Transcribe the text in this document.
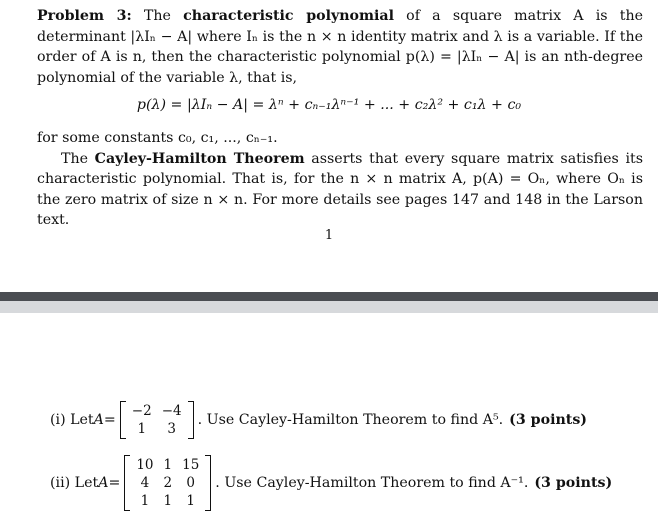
Problem 3: The characteristic polynomial of a square matrix A is the determinant |λIₙ − A| where Iₙ is the n × n identity matrix and λ is a variable. If the order of A is n, then the characteristic polynomial p(λ) = |λIₙ − A| is an nth-degree polynomial of the variable λ, that is,
p(λ) = |λIₙ − A| = λⁿ + cₙ₋₁λⁿ⁻¹ + ... + c₂λ² + c₁λ + c₀
for some constants c₀, c₁, ..., cₙ₋₁.
The Cayley-Hamilton Theorem asserts that every square matrix satisfies its characteristic polynomial. That is, for the n × n matrix A, p(A) = Oₙ, where Oₙ is the zero matrix of size n × n. For more details see pages 147 and 148 in the Larson text.
1
(i) Let A =
−2 −4
1	3
. Use Cayley-Hamilton Theorem to find A⁵. (3 points)
(ii) Let A =
10 1 15
4	2	0
1	1	1
. Use Cayley-Hamilton Theorem to find A⁻¹. (3 points)
